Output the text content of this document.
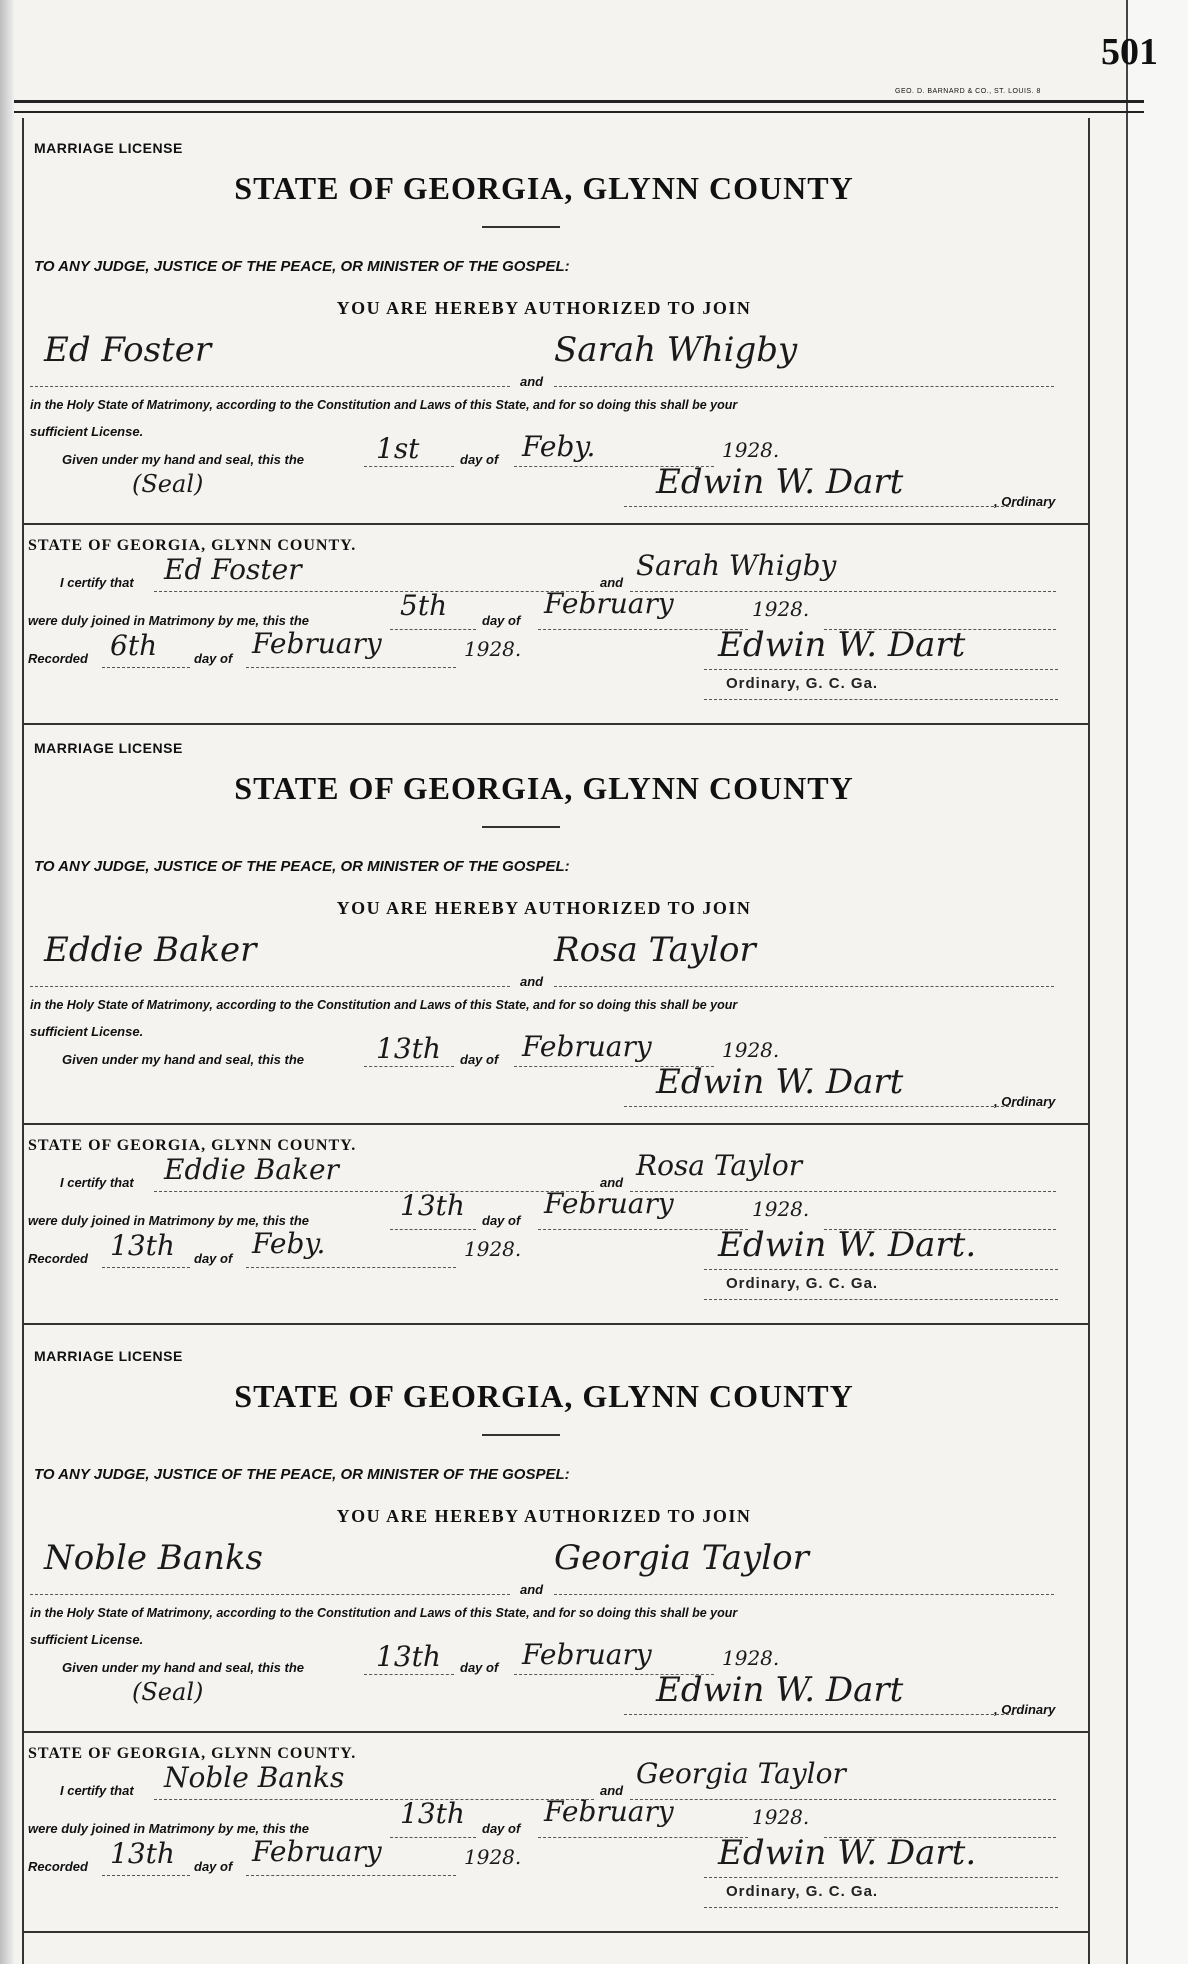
501
GEO. D. BARNARD & CO., ST. LOUIS. 8
MARRIAGE LICENSE
STATE OF GEORGIA, GLYNN COUNTY
TO ANY JUDGE, JUSTICE OF THE PEACE, OR MINISTER OF THE GOSPEL:
YOU ARE HEREBY AUTHORIZED TO JOIN
Ed Foster
and
Sarah Whigby
in the Holy State of Matrimony, according to the Constitution and Laws of this State, and for so doing this shall be your
sufficient License.
Given under my hand and seal, this the	1st	day of Feby.	1928.
(Seal)	Edwin W. Dart	, Ordinary
STATE OF GEORGIA, GLYNN COUNTY.
I certify that Ed Foster	and
Sarah Whigby
were duly joined in Matrimony by me, this the	5th	day of
February	1928.
Recorded 6th	day of February	1928.	Edwin W. Dart
Ordinary, G. C. Ga.
MARRIAGE LICENSE
STATE OF GEORGIA, GLYNN COUNTY
TO ANY JUDGE, JUSTICE OF THE PEACE, OR MINISTER OF THE GOSPEL:
YOU ARE HEREBY AUTHORIZED TO JOIN
Eddie Baker
and
Rosa Taylor
in the Holy State of Matrimony, according to the Constitution and Laws of this State, and for so doing this shall be your
sufficient License.
Given under my hand and seal, this the	13th day of February	1928.
Edwin W. Dart	, Ordinary
STATE OF GEORGIA, GLYNN COUNTY.
I certify that Eddie Baker	and
Rosa Taylor
were duly joined in Matrimony by me, this the	13th day of
February	1928.
Recorded 13th day of Feby.	1928.	Edwin W. Dart.
Ordinary, G. C. Ga.
MARRIAGE LICENSE
STATE OF GEORGIA, GLYNN COUNTY
TO ANY JUDGE, JUSTICE OF THE PEACE, OR MINISTER OF THE GOSPEL:
YOU ARE HEREBY AUTHORIZED TO JOIN
Noble Banks
and
Georgia Taylor
in the Holy State of Matrimony, according to the Constitution and Laws of this State, and for so doing this shall be your
sufficient License.
Given under my hand and seal, this the	13th day of February	1928.
(Seal)	Edwin W. Dart	, Ordinary
STATE OF GEORGIA, GLYNN COUNTY.
I certify that Noble Banks	and
Georgia Taylor
were duly joined in Matrimony by me, this the	13th day of
February	1928.
Recorded 13th day of February	1928.	Edwin W. Dart.
Ordinary, G. C. Ga.
